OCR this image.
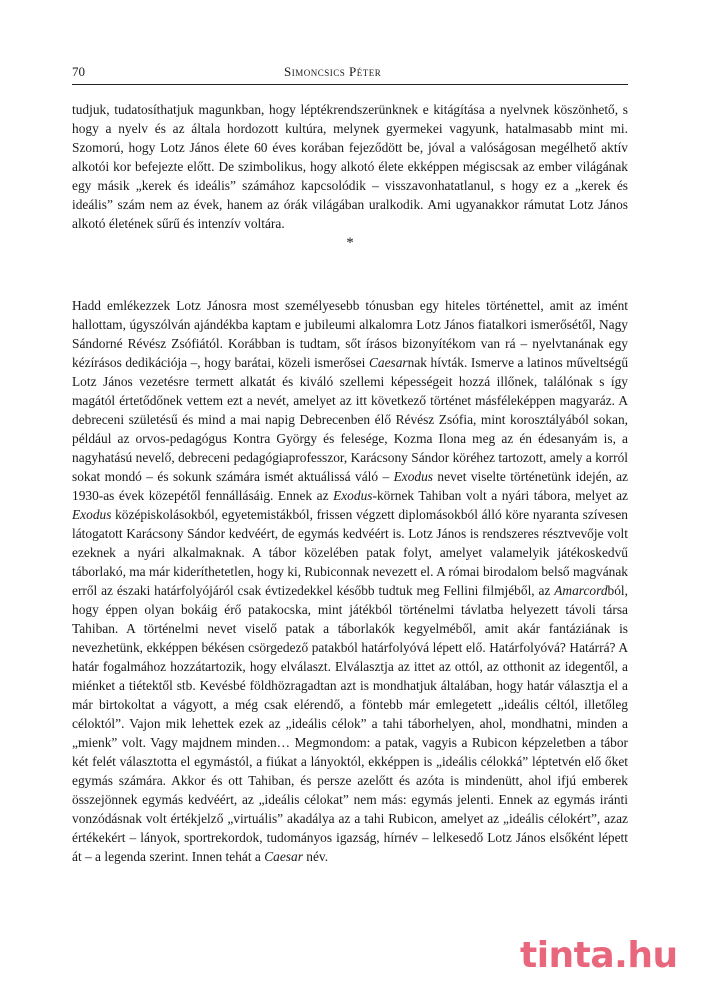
70	Simoncsics Péter

tudjuk, tudatosíthatjuk magunkban, hogy léptékrendszerünknek e kitágítása a nyelvnek köszönhető, s hogy a nyelv és az általa hordozott kultúra, melynek gyermekei vagyunk, hatalmasabb mint mi. Szomorú, hogy Lotz János élete 60 éves korában fejeződött be, jóval a valóságosan megélhető aktív alkotói kor befejezte előtt. De szimbolikus, hogy alkotó élete ekképpen mégiscsak az ember világának egy másik „kerek és ideális” számához kapcsolódik – visszavonhatatlanul, s hogy ez a „kerek és ideális” szám nem az évek, hanem az órák világában uralkodik. Ami ugyanakkor rámutat Lotz János alkotó életének sűrű és intenzív voltára.

*

Hadd emlékezzek Lotz Jánosra most személyesebb tónusban egy hiteles történettel, amit az imént hallottam, úgyszólván ajándékba kaptam e jubileumi alkalomra Lotz János fiatalkori ismerősétől, Nagy Sándorné Révész Zsófiától. Korábban is tudtam, sőt írásos bizonyítékom van rá – nyelvtanának egy kézírásos dedikációja –, hogy barátai, közeli ismerősei Caesarnak hívták. Ismerve a latinos műveltségű Lotz János vezetésre termett alkatát és kiváló szellemi képességeit hozzá illőnek, találónak s így magától értetődőnek vettem ezt a nevét, amelyet az itt következő történet másféleképpen magyaráz. A debreceni születésű és mind a mai napig Debrecenben élő Révész Zsófia, mint korosztályából sokan, például az orvos-pedagógus Kontra György és felesége, Kozma Ilona meg az én édesanyám is, a nagyhatású nevelő, debreceni pedagógiaprofesszor, Karácsony Sándor köréhez tartozott, amely a korról sokat mondó – és sokunk számára ismét aktuálissá váló – Exodus nevet viselte történetünk idején, az 1930-as évek közepétől fennállásáig. Ennek az Exodus-körnek Tahiban volt a nyári tábora, melyet az Exodus középiskolásokból, egyetemistákból, frissen végzett diplomásokból álló köre nyaranta szívesen látogatott Karácsony Sándor kedvéért, de egymás kedvéért is. Lotz János is rendszeres résztvevője volt ezeknek a nyári alkalmaknak. A tábor közelében patak folyt, amelyet valamelyik játékoskedvű táborlakó, ma már kideríthetetlen, hogy ki, Rubiconnak nevezett el. A római birodalom belső magvának erről az északi határfolyójáról csak évtizedekkel később tudtuk meg Fellini filmjéből, az Amarcordból, hogy éppen olyan bokáig érő patakocska, mint játékból történelmi távlatba helyezett távoli társa Tahiban. A történelmi nevet viselő patak a táborlakók kegyelméből, amit akár fantáziának is nevezhetünk, ekképpen békésen csörgedező patakból határfolyóvá lépett elő. Határfolyóvá? Határrá? A határ fogalmához hozzátartozik, hogy elválaszt. Elválasztja az ittet az ottól, az otthonit az idegentől, a miénket a tiétektől stb. Kevésbé földhözragadtan azt is mondhatjuk általában, hogy határ választja el a már birtokoltat a vágyott, a még csak elérendő, a föntebb már emlegetett „ideális céltól, illetőleg céloktól”. Vajon mik lehettek ezek az „ideális célok” a tahi táborhelyen, ahol, mondhatni, minden a „mienk” volt. Vagy majdnem minden… Megmondom: a patak, vagyis a Rubicon képzeletben a tábor két felét választotta el egymástól, a fiúkat a lányoktól, ekképpen is „ideális célokká” léptetvén elő őket egymás számára. Akkor és ott Tahiban, és persze azelőtt és azóta is mindenütt, ahol ifjú emberek összejönnek egymás kedvéért, az „ideális célokat” nem más: egymás jelenti. Ennek az egymás iránti vonzódásnak volt értékjelző „virtuális” akadálya az a tahi Rubicon, amelyet az „ideális célokért”, azaz értékekért – lányok, sportrekordok, tudományos igazság, hírnév – lelkesedő Lotz János elsőként lépett át – a legenda szerint. Innen tehát a Caesar név.

tinta.hu
